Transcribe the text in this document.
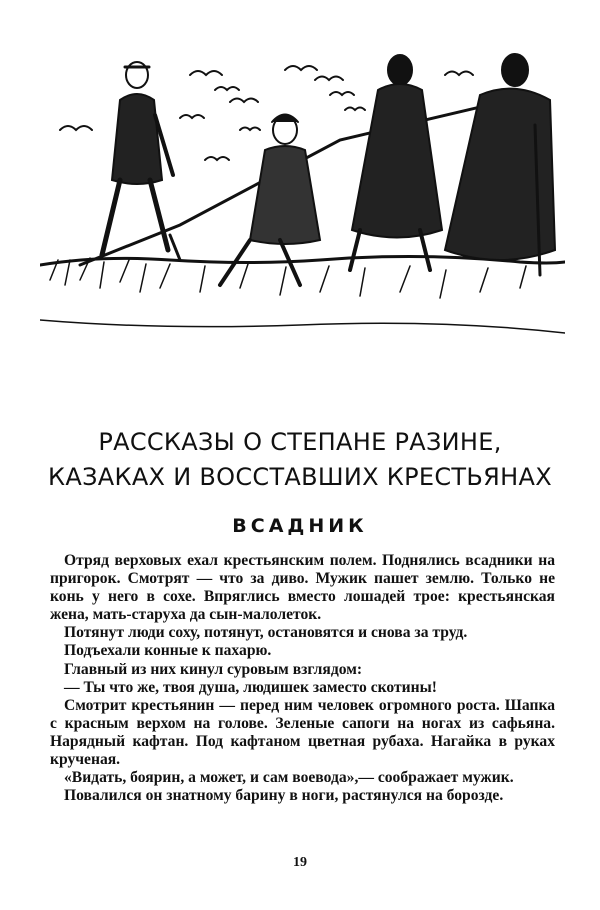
РАССКАЗЫ О СТЕПАНЕ РАЗИНЕ,
КАЗАКАХ И ВОССТАВШИХ КРЕСТЬЯНАХ
ВСАДНИК

Отряд верховых ехал крестьянским полем. Поднялись всадники на пригорок. Смотрят — что за диво. Мужик пашет землю. Только не конь у него в сохе. Впряглись вместо лошадей трое: крестьянская жена, мать-старуха да сын-малолеток.

Потянут люди соху, потянут, остановятся и снова за труд.

Подъехали конные к пахарю.

Главный из них кинул суровым взглядом:

— Ты что же, твоя душа, людишек заместо скотины!

Смотрит крестьянин — перед ним человек огромного роста. Шапка с красным верхом на голове. Зеленые сапоги на ногах из сафьяна. Нарядный кафтан. Под кафтаном цветная рубаха. Нагайка в руках крученая.

«Видать, боярин, а может, и сам воевода»,— соображает мужик.

Повалился он знатному барину в ноги, растянулся на борозде.

19
